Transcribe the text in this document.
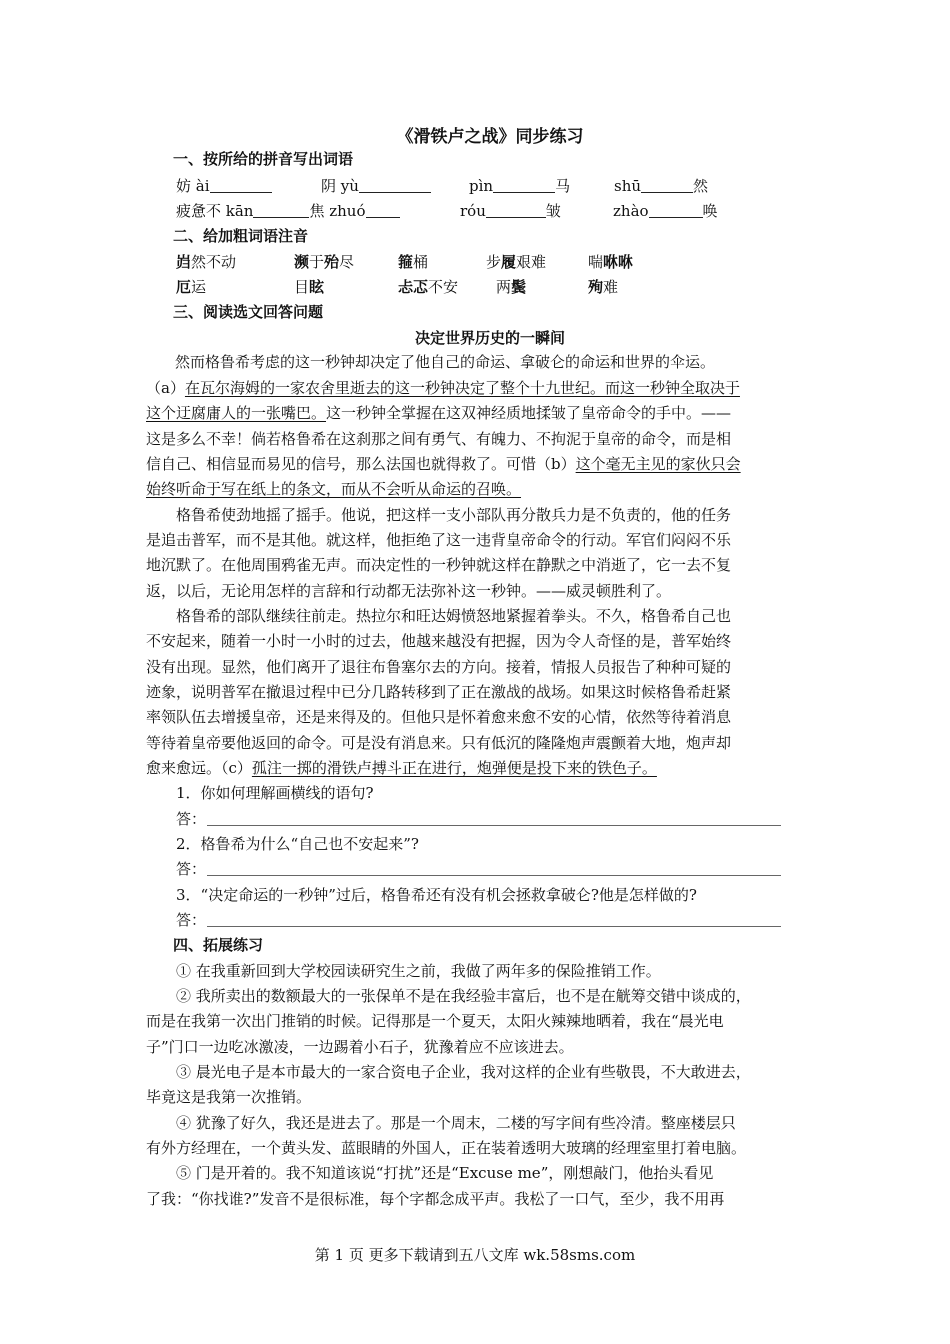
《滑铁卢之战》同步练习
一、按所给的拼音写出词语
妨 ài	阴 yù	pìn	马	shū	然
疲惫不 kān	焦 zhuó	róu	皱	zhào	唤
二、给加粗词语注音
岿然不动	濒于殆尽	箍桶	步履艰难	喘咻咻
厄运	目眩	忐忑不安	两鬓	殉难
三、阅读选文回答问题
决定世界历史的一瞬间
然而格鲁希考虑的这一秒钟却决定了他自己的命运、拿破仑的命运和世界的伞运。
（a）在瓦尔海姆的一家农舍里逝去的这一秒钟决定了整个十九世纪。而这一秒钟全取决于
这个迂腐庸人的一张嘴巴。这一秒钟全掌握在这双神经质地揉皱了皇帝命令的手中。——
这是多么不幸！倘若格鲁希在这刹那之间有勇气、有魄力、不拘泥于皇帝的命令，而是相
信自己、相信显而易见的信号，那么法国也就得救了。可惜（b）这个毫无主见的家伙只会
始终听命于写在纸上的条文，而从不会听从命运的召唤。
格鲁希使劲地摇了摇手。他说，把这样一支小部队再分散兵力是不负责的，他的任务
是追击普军，而不是其他。就这样，他拒绝了这一违背皇帝命令的行动。军官们闷闷不乐
地沉默了。在他周围鸦雀无声。而决定性的一秒钟就这样在静默之中消逝了，它一去不复
返，以后，无论用怎样的言辞和行动都无法弥补这一秒钟。——威灵顿胜利了。
格鲁希的部队继续往前走。热拉尔和旺达姆愤怒地紧握着拳头。不久，格鲁希自己也
不安起来，随着一小时一小时的过去，他越来越没有把握，因为令人奇怪的是，普军始终
没有出现。显然，他们离开了退往布鲁塞尔去的方向。接着，情报人员报告了种种可疑的
迹象，说明普军在撤退过程中已分几路转移到了正在激战的战场。如果这时候格鲁希赶紧
率领队伍去增援皇帝，还是来得及的。但他只是怀着愈来愈不安的心情，依然等待着消息
等待着皇帝要他返回的命令。可是没有消息来。只有低沉的隆隆炮声震颤着大地，炮声却
愈来愈远。（c）孤注一掷的滑铁卢搏斗正在进行，炮弹便是投下来的铁色子。
1．你如何理解画横线的语句?
答：
2．格鲁希为什么“自己也不安起来”?
答：
3．“决定命运的一秒钟”过后，格鲁希还有没有机会拯救拿破仑?他是怎样做的?
答：
四、拓展练习
① 在我重新回到大学校园读研究生之前，我做了两年多的保险推销工作。
② 我所卖出的数额最大的一张保单不是在我经验丰富后，也不是在觥筹交错中谈成的，
而是在我第一次出门推销的时候。记得那是一个夏天，太阳火辣辣地晒着，我在“晨光电
子”门口一边吃冰激凌，一边踢着小石子，犹豫着应不应该进去。
③ 晨光电子是本市最大的一家合资电子企业，我对这样的企业有些敬畏，不大敢进去，
毕竟这是我第一次推销。
④ 犹豫了好久，我还是进去了。那是一个周末，二楼的写字间有些冷清。整座楼层只
有外方经理在，一个黄头发、蓝眼睛的外国人，正在装着透明大玻璃的经理室里打着电脑。
⑤ 门是开着的。我不知道该说“打扰”还是“Excuse me”，刚想敲门，他抬头看见
了我：“你找谁?”发音不是很标准，每个字都念成平声。我松了一口气，至少，我不用再
第 1 页 更多下载请到五八文库 wk.58sms.com
